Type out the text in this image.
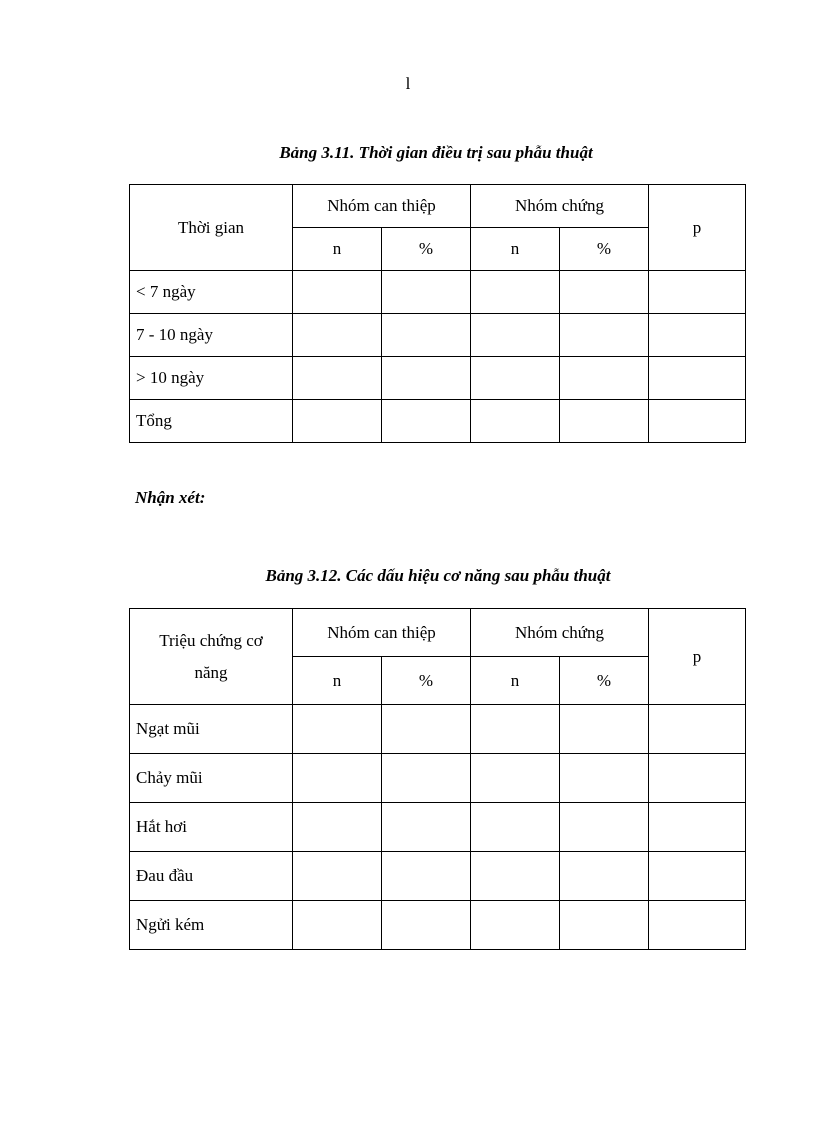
l
Bảng 3.11. Thời gian điều trị sau phẫu thuật
Thời gian	Nhóm can thiệp		Nhóm chứng		p
	n	%	n	%	
< 7 ngày					
7 - 10 ngày					
> 10 ngày					
Tổng					
Nhận xét:
Bảng 3.12. Các dấu hiệu cơ năng sau phẫu thuật
Triệu chứng cơ năng	Nhóm can thiệp		Nhóm chứng		p
	n	%	n	%	
Ngạt mũi					
Chảy mũi					
Hắt hơi					
Đau đầu					
Ngửi kém					
